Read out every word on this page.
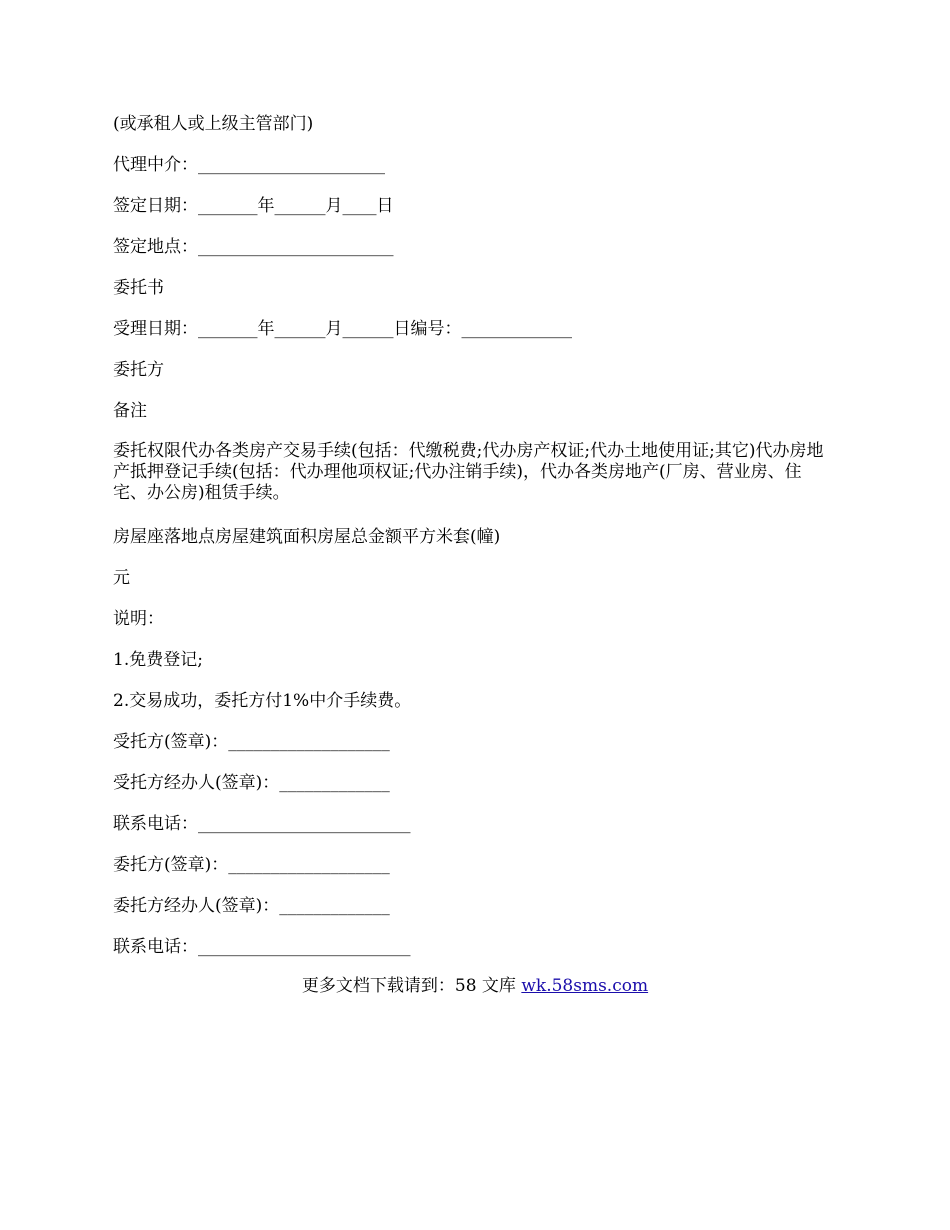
(或承租人或上级主管部门)
代理中介：______________________
签定日期：_______年______月____日
签定地点：_______________________
委托书
受理日期：_______年______月______日编号：_____________
委托方
备注
委托权限代办各类房产交易手续(包括：代缴税费;代办房产权证;代办土地使用证;其它)代办房地产抵押登记手续(包括：代办理他项权证;代办注销手续)，代办各类房地产(厂房、营业房、住宅、办公房)租赁手续。
房屋座落地点房屋建筑面积房屋总金额平方米套(幢)
元
说明：
1.免费登记;
2.交易成功，委托方付1%中介手续费。
受托方(签章)：___________________
受托方经办人(签章)：_____________
联系电话：_________________________
委托方(签章)：___________________
委托方经办人(签章)：_____________
联系电话：_________________________
更多文档下载请到：58 文库 wk.58sms.com
